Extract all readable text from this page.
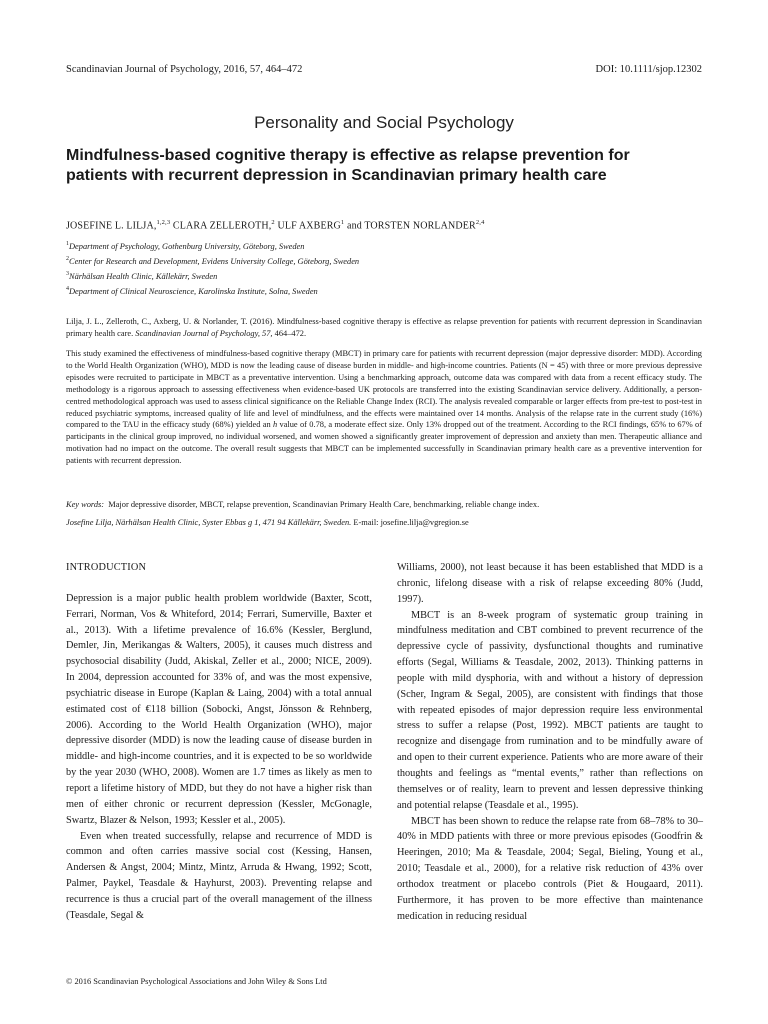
Scandinavian Journal of Psychology, 2016, 57, 464–472	DOI: 10.1111/sjop.12302
Personality and Social Psychology
Mindfulness-based cognitive therapy is effective as relapse prevention for patients with recurrent depression in Scandinavian primary health care
JOSEFINE L. LILJA,$^{1,2,3}$ CLARA ZELLEROTH,$^2$ ULF AXBERG$^1$ and TORSTEN NORLANDER$^{2,4}$
$^1$Department of Psychology, Gothenburg University, Göteborg, Sweden
$^2$Center for Research and Development, Evidens University College, Göteborg, Sweden
$^3$Närhälsan Health Clinic, Källekärr, Sweden
$^4$Department of Clinical Neuroscience, Karolinska Institute, Solna, Sweden
Lilja, J. L., Zelleroth, C., Axberg, U. & Norlander, T. (2016). Mindfulness-based cognitive therapy is effective as relapse prevention for patients with recurrent depression in Scandinavian primary health care. Scandinavian Journal of Psychology, 57, 464–472.
This study examined the effectiveness of mindfulness-based cognitive therapy (MBCT) in primary care for patients with recurrent depression (major depressive disorder: MDD). According to the World Health Organization (WHO), MDD is now the leading cause of disease burden in middle- and high-income countries. Patients (N = 45) with three or more previous depressive episodes were recruited to participate in MBCT as a preventative intervention. Using a benchmarking approach, outcome data was compared with data from a recent efficacy study. The methodology is a rigorous approach to assessing effectiveness when evidence-based UK protocols are transferred into the existing Scandinavian service delivery. Additionally, a person-centred methodological approach was used to assess clinical significance on the Reliable Change Index (RCI). The analysis revealed comparable or larger effects from pre-test to post-test in reduced psychiatric symptoms, increased quality of life and level of mindfulness, and the effects were maintained over 14 months. Analysis of the relapse rate in the current study (16%) compared to the TAU in the efficacy study (68%) yielded an h value of 0.78, a moderate effect size. Only 13% dropped out of the treatment. According to the RCI findings, 65% to 67% of participants in the clinical group improved, no individual worsened, and women showed a significantly greater improvement of depression and anxiety than men. Therapeutic alliance and motivation had no impact on the outcome. The overall result suggests that MBCT can be implemented successfully in Scandinavian primary health care as a preventive intervention for patients with recurrent depression.
Key words: Major depressive disorder, MBCT, relapse prevention, Scandinavian Primary Health Care, benchmarking, reliable change index.
Josefine Lilja, Närhälsan Health Clinic, Syster Ebbas g 1, 471 94 Källekärr, Sweden. E-mail: josefine.lilja@vgregion.se
INTRODUCTION

Depression is a major public health problem worldwide (Baxter, Scott, Ferrari, Norman, Vos & Whiteford, 2014; Ferrari, Sumerville, Baxter et al., 2013). With a lifetime prevalence of 16.6% (Kessler, Berglund, Demler, Jin, Merikangas & Walters, 2005), it causes much distress and psychosocial disability (Judd, Akiskal, Zeller et al., 2000; NICE, 2009). In 2004, depression accounted for 33% of, and was the most expensive, psychiatric disease in Europe (Kaplan & Laing, 2004) with a total annual estimated cost of €118 billion (Sobocki, Angst, Jönsson & Rehnberg, 2006). According to the World Health Organization (WHO), major depressive disorder (MDD) is now the leading cause of disease burden in middle- and high-income countries, and it is expected to be so worldwide by the year 2030 (WHO, 2008). Women are 1.7 times as likely as men to report a lifetime history of MDD, but they do not have a higher risk than men of either chronic or recurrent depression (Kessler, McGonagle, Swartz, Blazer & Nelson, 1993; Kessler et al., 2005).

Even when treated successfully, relapse and recurrence of MDD is common and often carries massive social cost (Kessing, Hansen, Andersen & Angst, 2004; Mintz, Mintz, Arruda & Hwang, 1992; Scott, Palmer, Paykel, Teasdale & Hayhurst, 2003). Preventing relapse and recurrence is thus a crucial part of the overall management of the illness (Teasdale, Segal &

Williams, 2000), not least because it has been established that MDD is a chronic, lifelong disease with a risk of relapse exceeding 80% (Judd, 1997).

MBCT is an 8-week program of systematic group training in mindfulness meditation and CBT combined to prevent recurrence of the depressive cycle of passivity, dysfunctional thoughts and ruminative efforts (Segal, Williams & Teasdale, 2002, 2013). Thinking patterns in people with mild dysphoria, with and without a history of depression (Scher, Ingram & Segal, 2005), are consistent with findings that those with repeated episodes of major depression require less environmental stress to suffer a relapse (Post, 1992). MBCT patients are taught to recognize and disengage from rumination and to be mindfully aware of and open to their current experience. Patients who are more aware of their thoughts and feelings as “mental events,” rather than reflections on themselves or of reality, learn to prevent and lessen depressive thinking and potential relapse (Teasdale et al., 1995).

MBCT has been shown to reduce the relapse rate from 68–78% to 30–40% in MDD patients with three or more previous episodes (Goodfrin & Heeringen, 2010; Ma & Teasdale, 2004; Segal, Bieling, Young et al., 2010; Teasdale et al., 2000), for a relative risk reduction of 43% over orthodox treatment or placebo controls (Piet & Hougaard, 2011). Furthermore, it has proven to be more effective than maintenance medication in reducing residual

© 2016 Scandinavian Psychological Associations and John Wiley & Sons Ltd
